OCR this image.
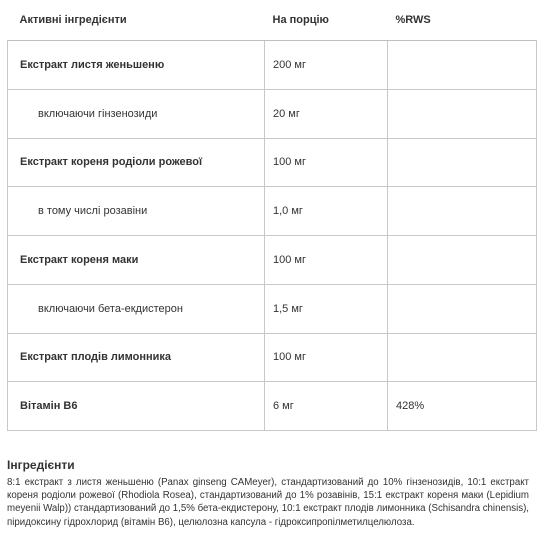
Активні інгредієнти	На порцію	%RWS
Екстракт листя женьшеню	200 мг	
включаючи гінзенозиди	20 мг	
Екстракт кореня родіоли рожевої	100 мг	
в тому числі розавіни	1,0 мг	
Екстракт кореня маки	100 мг	
включаючи бета-екдистерон	1,5 мг	
Екстракт плодів лимонника	100 мг	
Вітамін В6	6 мг	428%
Інгредієнти

8:1 екстракт з листя женьшеню (Panax ginseng CAMeyer), стандартизований до 10% гінзенозидів, 10:1 екстракт кореня родіоли рожевої (Rhodiola Rosea), стандартизований до 1% розавінів, 15:1 екстракт кореня маки (Lepidium meyenii Walp)) стандартизований до 1,5% бета-екдистерону, 10:1 екстракт плодів лимонника (Schisandra chinensis), піридоксину гідрохлорид (вітамін В6), целюлозна капсула - гідроксипропілметилцелюлоза.
